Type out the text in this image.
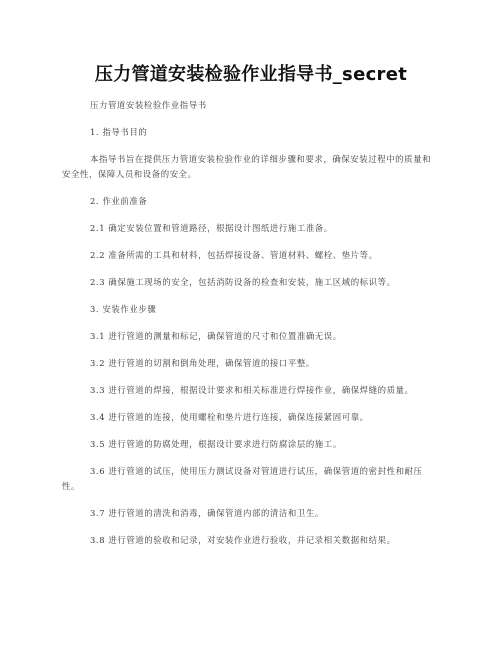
压力管道安装检验作业指导书_secret

压力管道安装检验作业指导书

1. 指导书目的

本指导书旨在提供压力管道安装检验作业的详细步骤和要求，确保安装过程中的质量和安全性，保障人员和设备的安全。

2. 作业前准备

2.1 确定安装位置和管道路径，根据设计图纸进行施工准备。

2.2 准备所需的工具和材料，包括焊接设备、管道材料、螺栓、垫片等。

2.3 确保施工现场的安全，包括消防设备的检查和安装，施工区域的标识等。

3. 安装作业步骤

3.1 进行管道的测量和标记，确保管道的尺寸和位置准确无误。

3.2 进行管道的切割和倒角处理，确保管道的接口平整。

3.3 进行管道的焊接，根据设计要求和相关标准进行焊接作业，确保焊缝的质量。

3.4 进行管道的连接，使用螺栓和垫片进行连接，确保连接紧固可靠。

3.5 进行管道的防腐处理，根据设计要求进行防腐涂层的施工。

3.6 进行管道的试压，使用压力测试设备对管道进行试压，确保管道的密封性和耐压性。

3.7 进行管道的清洗和消毒，确保管道内部的清洁和卫生。

3.8 进行管道的验收和记录，对安装作业进行验收，并记录相关数据和结果。
